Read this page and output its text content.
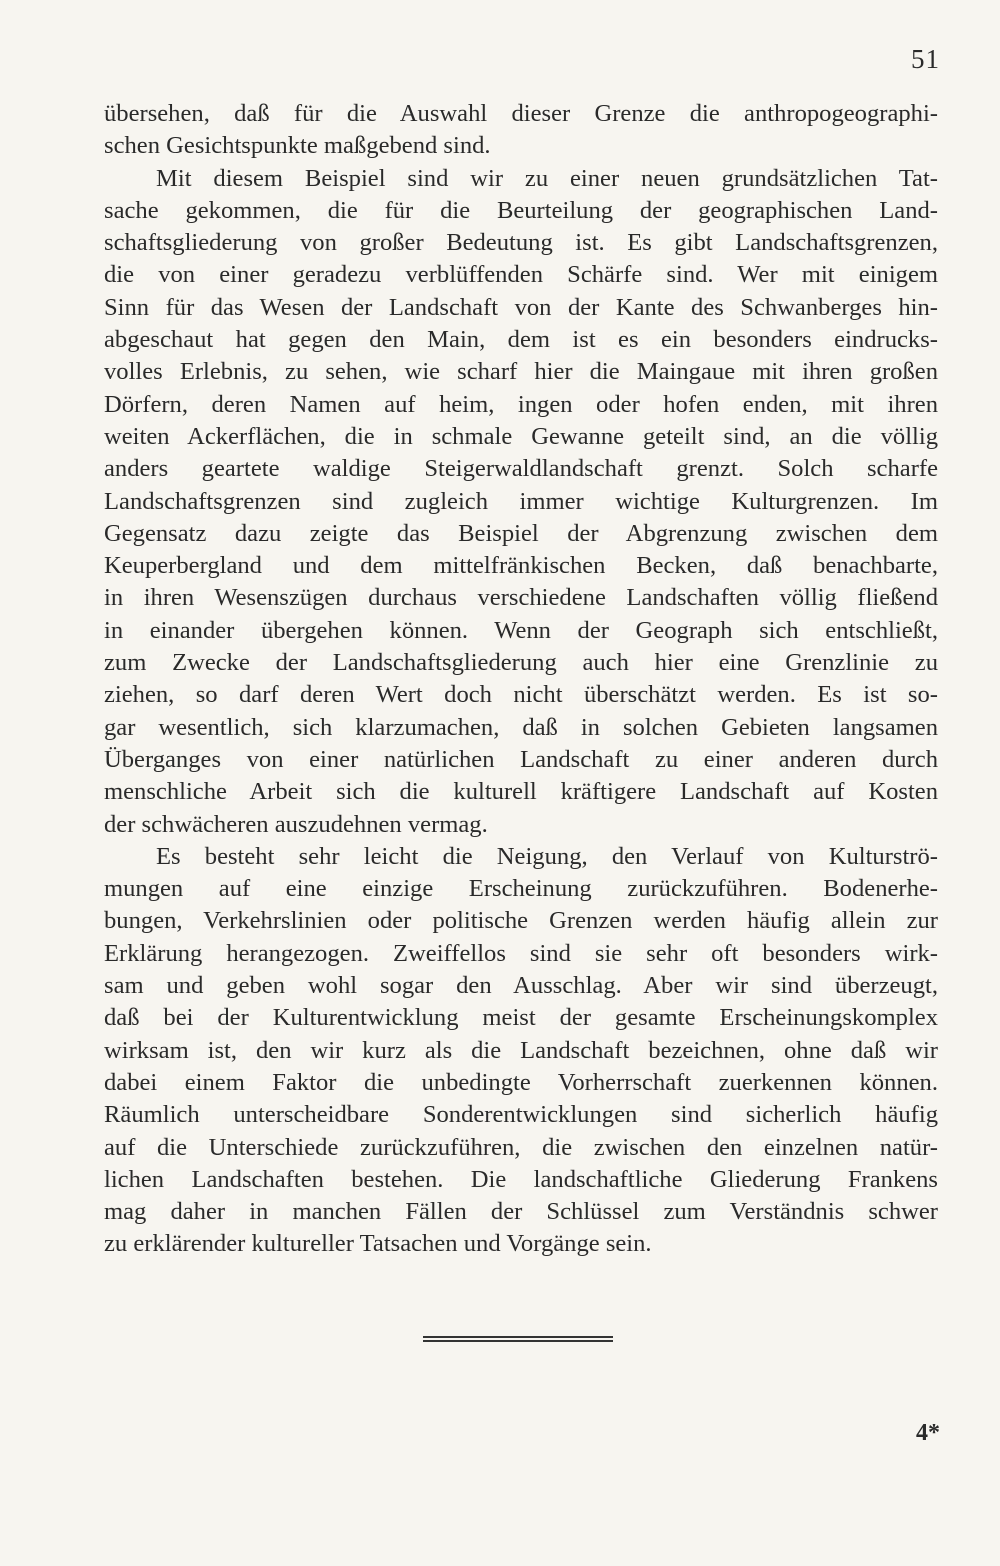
51
übersehen, daß für die Auswahl dieser Grenze die anthropogeographi-
schen Gesichtspunkte maßgebend sind.
Mit diesem Beispiel sind wir zu einer neuen grundsätzlichen Tat-
sache gekommen, die für die Beurteilung der geographischen Land-
schaftsgliederung von großer Bedeutung ist. Es gibt Landschaftsgrenzen,
die von einer geradezu verblüffenden Schärfe sind. Wer mit einigem
Sinn für das Wesen der Landschaft von der Kante des Schwanberges hin-
abgeschaut hat gegen den Main, dem ist es ein besonders eindrucks-
volles Erlebnis, zu sehen, wie scharf hier die Maingaue mit ihren großen
Dörfern, deren Namen auf heim, ingen oder hofen enden, mit ihren
weiten Ackerflächen, die in schmale Gewanne geteilt sind, an die völlig
anders geartete waldige Steigerwaldlandschaft grenzt. Solch scharfe
Landschaftsgrenzen sind zugleich immer wichtige Kulturgrenzen. Im
Gegensatz dazu zeigte das Beispiel der Abgrenzung zwischen dem
Keuperbergland und dem mittelfränkischen Becken, daß benachbarte,
in ihren Wesenszügen durchaus verschiedene Landschaften völlig fließend
in einander übergehen können. Wenn der Geograph sich entschließt,
zum Zwecke der Landschaftsgliederung auch hier eine Grenzlinie zu
ziehen, so darf deren Wert doch nicht überschätzt werden. Es ist so-
gar wesentlich, sich klarzumachen, daß in solchen Gebieten langsamen
Überganges von einer natürlichen Landschaft zu einer anderen durch
menschliche Arbeit sich die kulturell kräftigere Landschaft auf Kosten
der schwächeren auszudehnen vermag.
Es besteht sehr leicht die Neigung, den Verlauf von Kulturströ-
mungen auf eine einzige Erscheinung zurückzuführen. Bodenerhe-
bungen, Verkehrslinien oder politische Grenzen werden häufig allein zur
Erklärung herangezogen. Zweiffellos sind sie sehr oft besonders wirk-
sam und geben wohl sogar den Ausschlag. Aber wir sind überzeugt,
daß bei der Kulturentwicklung meist der gesamte Erscheinungskomplex
wirksam ist, den wir kurz als die Landschaft bezeichnen, ohne daß wir
dabei einem Faktor die unbedingte Vorherrschaft zuerkennen können.
Räumlich unterscheidbare Sonderentwicklungen sind sicherlich häufig
auf die Unterschiede zurückzuführen, die zwischen den einzelnen natür-
lichen Landschaften bestehen. Die landschaftliche Gliederung Frankens
mag daher in manchen Fällen der Schlüssel zum Verständnis schwer
zu erklärender kultureller Tatsachen und Vorgänge sein.
4*
